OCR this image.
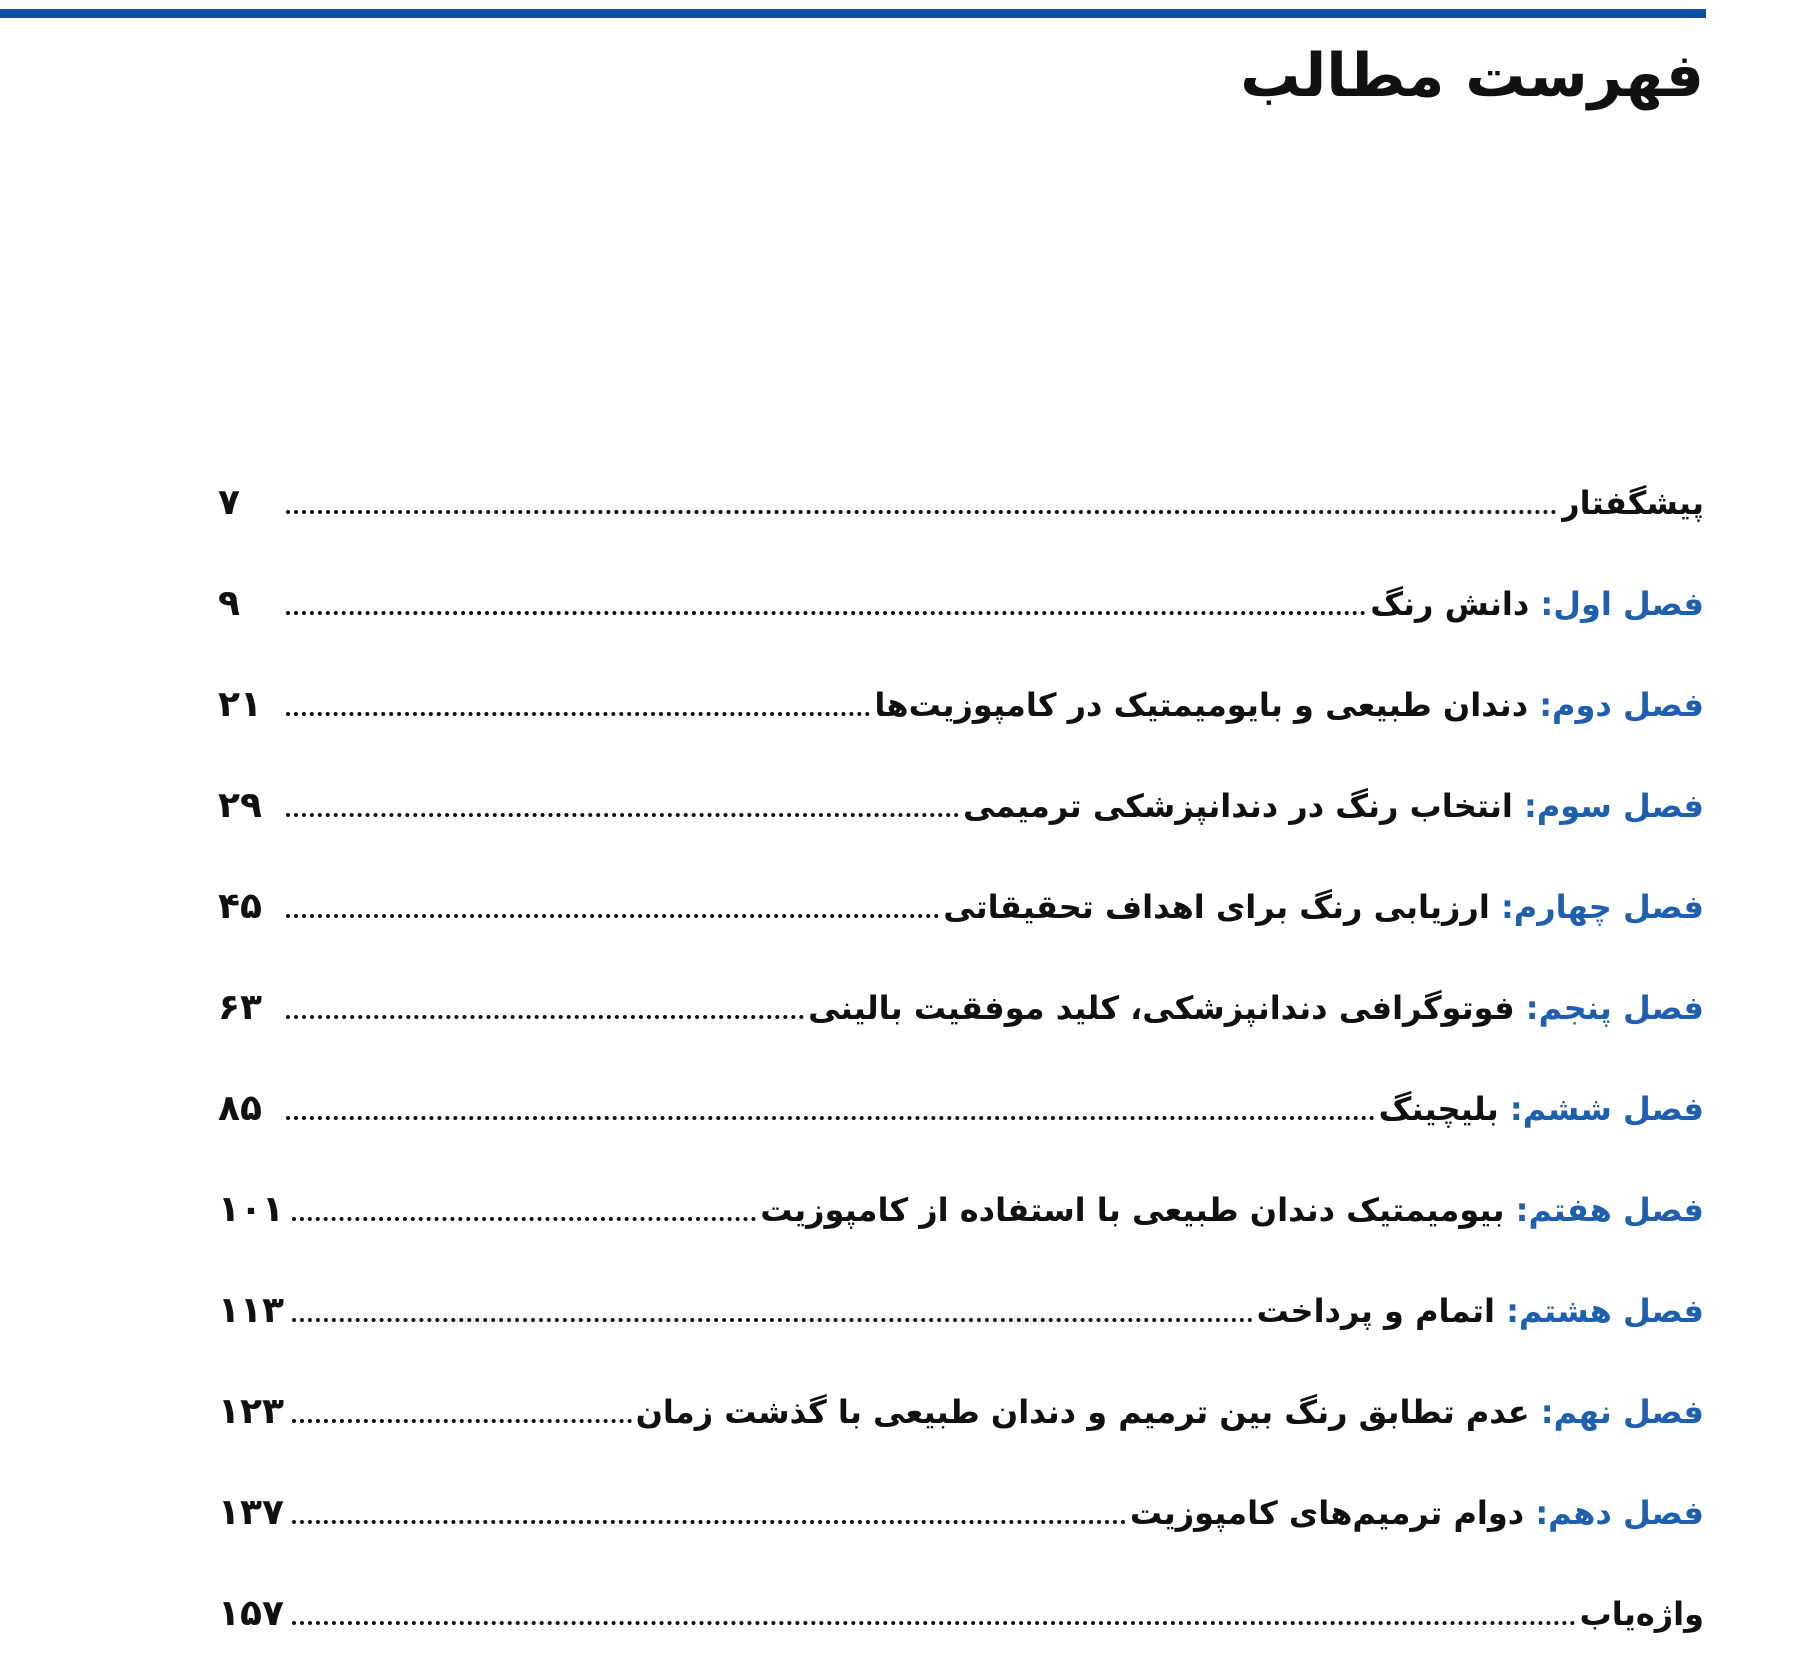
فهرست مطالب
پیشگفتار
۷
فصل اول: دانش رنگ
۹
فصل دوم: دندان طبیعی و بایومیمتیک در کامپوزیت‌ها
۲۱
فصل سوم: انتخاب رنگ در دندانپزشکی ترمیمی
۲۹
فصل چهارم: ارزیابی رنگ برای اهداف تحقیقاتی
۴۵
فصل پنجم: فوتوگرافی دندانپزشکی، کلید موفقیت بالینی
۶۳
فصل ششم: بلیچینگ
۸۵
فصل هفتم: بیومیمتیک دندان طبیعی با استفاده از کامپوزیت
۱۰۱
فصل هشتم: اتمام و پرداخت
۱۱۳
فصل نهم: عدم تطابق رنگ بین ترمیم و دندان طبیعی با گذشت زمان
۱۲۳
فصل دهم: دوام ترمیم‌های کامپوزیت
۱۳۷
واژه‌یاب
۱۵۷
